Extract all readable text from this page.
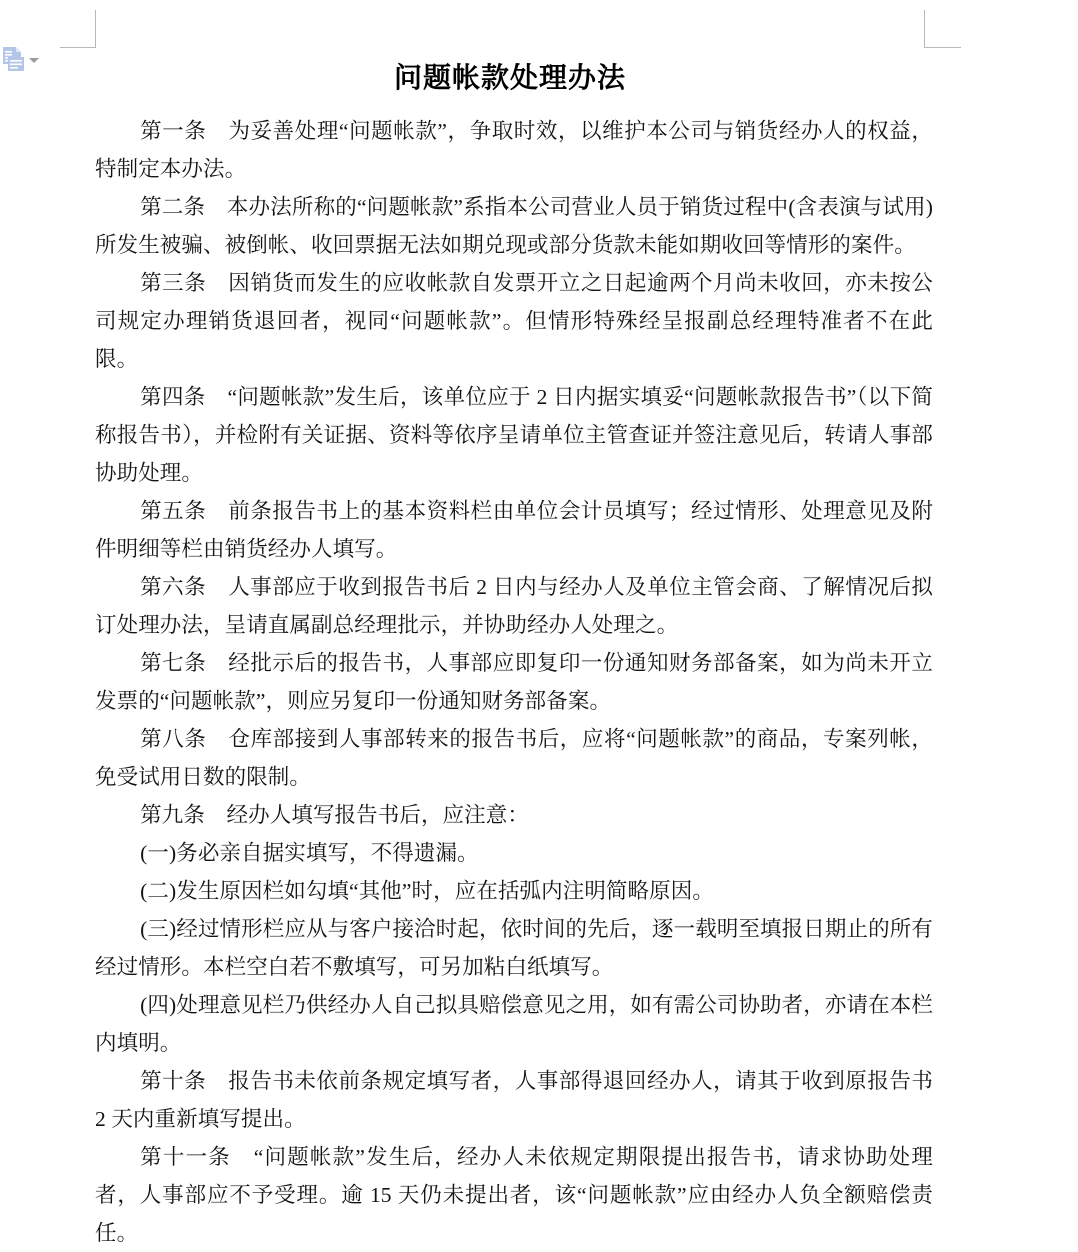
问题帐款处理办法

第一条　为妥善处理“问题帐款”，争取时效，以维护本公司与销货经办人的权益，特制定本办法。

第二条　本办法所称的“问题帐款”系指本公司营业人员于销货过程中(含表演与试用)所发生被骗、被倒帐、收回票据无法如期兑现或部分货款未能如期收回等情形的案件。

第三条　因销货而发生的应收帐款自发票开立之日起逾两个月尚未收回，亦未按公司规定办理销货退回者，视同“问题帐款”。但情形特殊经呈报副总经理特准者不在此限。

第四条　“问题帐款”发生后，该单位应于 2 日内据实填妥“问题帐款报告书”（以下简称报告书），并检附有关证据、资料等依序呈请单位主管查证并签注意见后，转请人事部协助处理。

第五条　前条报告书上的基本资料栏由单位会计员填写；经过情形、处理意见及附件明细等栏由销货经办人填写。

第六条　人事部应于收到报告书后 2 日内与经办人及单位主管会商、了解情况后拟订处理办法，呈请直属副总经理批示，并协助经办人处理之。

第七条　经批示后的报告书，人事部应即复印一份通知财务部备案，如为尚未开立发票的“问题帐款”，则应另复印一份通知财务部备案。

第八条　仓库部接到人事部转来的报告书后，应将“问题帐款”的商品，专案列帐，免受试用日数的限制。

第九条　经办人填写报告书后，应注意：

(一)务必亲自据实填写，不得遗漏。

(二)发生原因栏如勾填“其他”时，应在括弧内注明简略原因。

(三)经过情形栏应从与客户接洽时起，依时间的先后，逐一载明至填报日期止的所有经过情形。本栏空白若不敷填写，可另加粘白纸填写。

(四)处理意见栏乃供经办人自己拟具赔偿意见之用，如有需公司协助者，亦请在本栏内填明。

第十条　报告书未依前条规定填写者，人事部得退回经办人，请其于收到原报告书 2 天内重新填写提出。

第十一条　“问题帐款”发生后，经办人未依规定期限提出报告书，请求协助处理者，人事部应不予受理。逾 15 天仍未提出者，该“问题帐款”应由经办人负全额赔偿责任。
